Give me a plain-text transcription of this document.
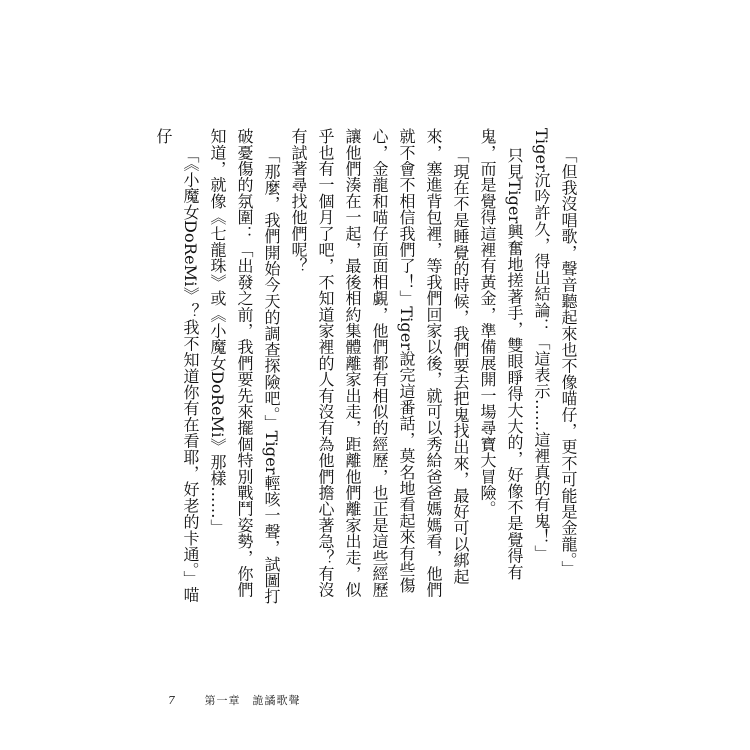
「但我沒唱歌，聲音聽起來也不像喵仔，更不可能是金龍。」Tiger沉吟許久，得出結論：「這表示……這裡真的有鬼！」

只見Tiger興奮地搓著手，雙眼睜得大大的，好像不是覺得有鬼，而是覺得這裡有黃金，準備展開一場尋寶大冒險。

「現在不是睡覺的時候，我們要去把鬼找出來，最好可以綁起來，塞進背包裡，等我們回家以後，就可以秀給爸爸媽媽看，他們就不會不相信我們了！」Tiger說完這番話，莫名地看起來有些傷心，金龍和喵仔面面相覷，他們都有相似的經歷，也正是這些經歷讓他們湊在一起，最後相約集體離家出走，距離他們離家出走，似乎也有一個月了吧，不知道家裡的人有沒有為他們擔心著急？有沒有試著尋找他們呢？

「那麼，我們開始今天的調查探險吧。」Tiger輕咳一聲，試圖打破憂傷的氛圍：「出發之前，我們要先來擺個特別戰鬥姿勢，你們知道，就像《七龍珠》或《小魔女DoReMi》那樣……」

「《小魔女DoReMi》？我不知道你有在看耶，好老的卡通。」喵仔

7	第一章　詭譎歌聲
